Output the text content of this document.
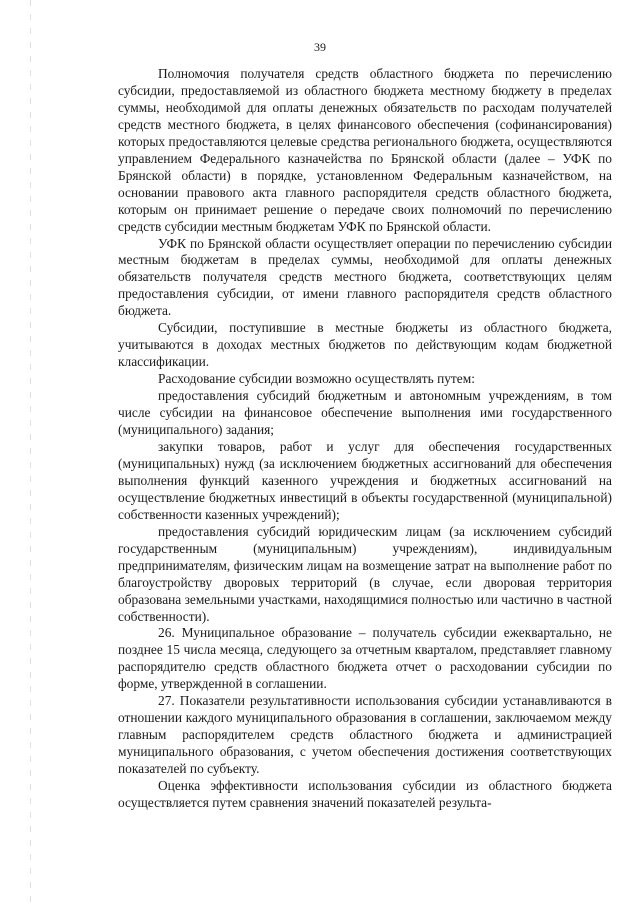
39

Полномочия получателя средств областного бюджета по перечислению субсидии, предоставляемой из областного бюджета местному бюджету в пределах суммы, необходимой для оплаты денежных обязательств по расходам получателей средств местного бюджета, в целях финансового обеспечения (софинансирования) которых предоставляются целевые средства регионального бюджета, осуществляются управлением Федерального казначейства по Брянской области (далее – УФК по Брянской области) в порядке, установленном Федеральным казначейством, на основании правового акта главного распорядителя средств областного бюджета, которым он принимает решение о передаче своих полномочий по перечислению средств субсидии местным бюджетам УФК по Брянской области.

УФК по Брянской области осуществляет операции по перечислению субсидии местным бюджетам в пределах суммы, необходимой для оплаты денежных обязательств получателя средств местного бюджета, соответствующих целям предоставления субсидии, от имени главного распорядителя средств областного бюджета.

Субсидии, поступившие в местные бюджеты из областного бюджета, учитываются в доходах местных бюджетов по действующим кодам бюджетной классификации.

Расходование субсидии возможно осуществлять путем:

предоставления субсидий бюджетным и автономным учреждениям, в том числе субсидии на финансовое обеспечение выполнения ими государственного (муниципального) задания;

закупки товаров, работ и услуг для обеспечения государственных (муниципальных) нужд (за исключением бюджетных ассигнований для обеспечения выполнения функций казенного учреждения и бюджетных ассигнований на осуществление бюджетных инвестиций в объекты государственной (муниципальной) собственности казенных учреждений);

предоставления субсидий юридическим лицам (за исключением субсидий государственным (муниципальным) учреждениям), индивидуальным предпринимателям, физическим лицам на возмещение затрат на выполнение работ по благоустройству дворовых территорий (в случае, если дворовая территория образована земельными участками, находящимися полностью или частично в частной собственности).

26. Муниципальное образование – получатель субсидии ежеквартально, не позднее 15 числа месяца, следующего за отчетным кварталом, представляет главному распорядителю средств областного бюджета отчет о расходовании субсидии по форме, утвержденной в соглашении.

27. Показатели результативности использования субсидии устанавливаются в отношении каждого муниципального образования в соглашении, заключаемом между главным распорядителем средств областного бюджета и администрацией муниципального образования, с учетом обеспечения достижения соответствующих показателей по субъекту.

Оценка эффективности использования субсидии из областного бюджета осуществляется путем сравнения значений показателей результа-
